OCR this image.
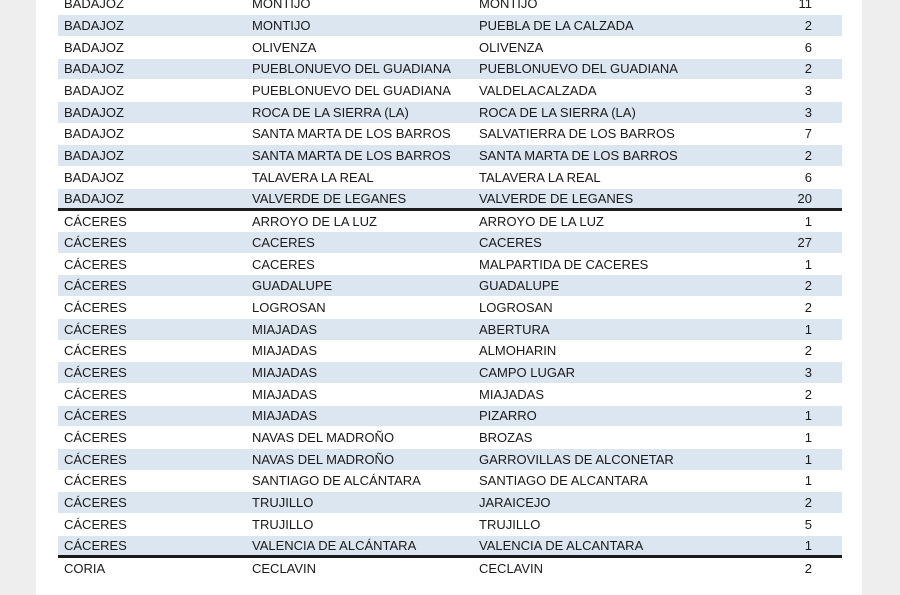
BADAJOZ	MONTIJO	MONTIJO	11
BADAJOZ	MONTIJO	PUEBLA DE LA CALZADA	2
BADAJOZ	OLIVENZA	OLIVENZA	6
BADAJOZ	PUEBLONUEVO DEL GUADIANA	PUEBLONUEVO DEL GUADIANA	2
BADAJOZ	PUEBLONUEVO DEL GUADIANA	VALDELACALZADA	3
BADAJOZ	ROCA DE LA SIERRA (LA)	ROCA DE LA SIERRA (LA)	3
BADAJOZ	SANTA MARTA DE LOS BARROS	SALVATIERRA DE LOS BARROS	7
BADAJOZ	SANTA MARTA DE LOS BARROS	SANTA MARTA DE LOS BARROS	2
BADAJOZ	TALAVERA LA REAL	TALAVERA LA REAL	6
BADAJOZ	VALVERDE DE LEGANES	VALVERDE DE LEGANES	20
CÁCERES	ARROYO DE LA LUZ	ARROYO DE LA LUZ	1
CÁCERES	CACERES	CACERES	27
CÁCERES	CACERES	MALPARTIDA DE CACERES	1
CÁCERES	GUADALUPE	GUADALUPE	2
CÁCERES	LOGROSAN	LOGROSAN	2
CÁCERES	MIAJADAS	ABERTURA	1
CÁCERES	MIAJADAS	ALMOHARIN	2
CÁCERES	MIAJADAS	CAMPO LUGAR	3
CÁCERES	MIAJADAS	MIAJADAS	2
CÁCERES	MIAJADAS	PIZARRO	1
CÁCERES	NAVAS DEL MADROÑO	BROZAS	1
CÁCERES	NAVAS DEL MADROÑO	GARROVILLAS DE ALCONETAR	1
CÁCERES	SANTIAGO DE ALCÁNTARA	SANTIAGO DE ALCANTARA	1
CÁCERES	TRUJILLO	JARAICEJO	2
CÁCERES	TRUJILLO	TRUJILLO	5
CÁCERES	VALENCIA DE ALCÁNTARA	VALENCIA DE ALCANTARA	1
CORIA	CECLAVIN	CECLAVIN	2
